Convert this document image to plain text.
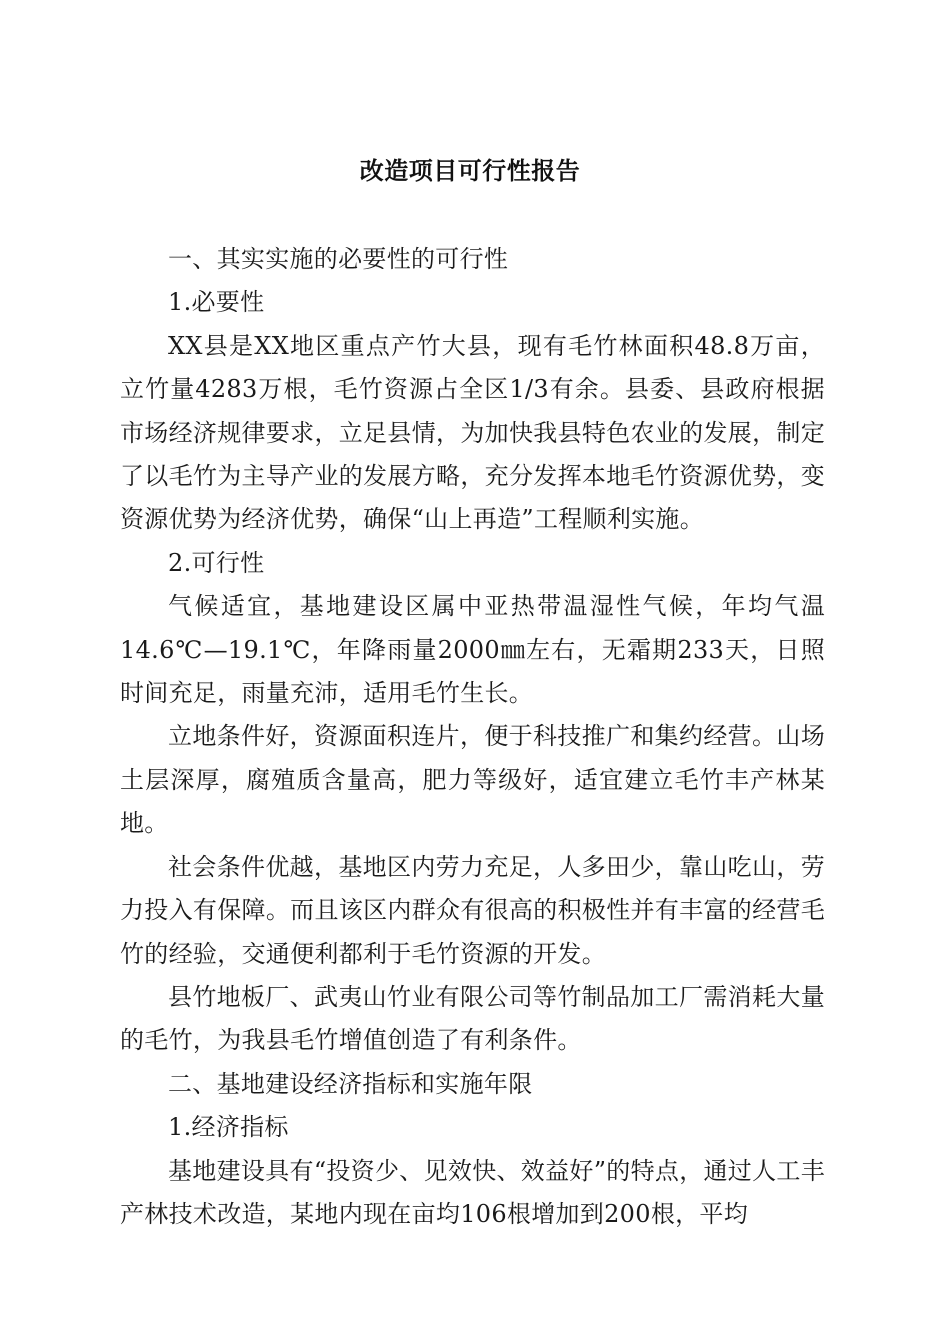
改造项目可行性报告

一、其实实施的必要性的可行性

1.必要性

XX县是XX地区重点产竹大县，现有毛竹林面积48.8万亩，立竹量4283万根，毛竹资源占全区1/3有余。县委、县政府根据市场经济规律要求，立足县情，为加快我县特色农业的发展，制定了以毛竹为主导产业的发展方略，充分发挥本地毛竹资源优势，变资源优势为经济优势，确保“山上再造”工程顺利实施。

2.可行性

气候适宜，基地建设区属中亚热带温湿性气候，年均气温14.6℃—19.1℃，年降雨量2000㎜左右，无霜期233天，日照时间充足，雨量充沛，适用毛竹生长。

立地条件好，资源面积连片，便于科技推广和集约经营。山场土层深厚，腐殖质含量高，肥力等级好，适宜建立毛竹丰产林某地。

社会条件优越，基地区内劳力充足，人多田少，靠山吃山，劳力投入有保障。而且该区内群众有很高的积极性并有丰富的经营毛竹的经验，交通便利都利于毛竹资源的开发。

县竹地板厂、武夷山竹业有限公司等竹制品加工厂需消耗大量的毛竹，为我县毛竹增值创造了有利条件。

二、基地建设经济指标和实施年限

1.经济指标

基地建设具有“投资少、见效快、效益好”的特点，通过人工丰产林技术改造，某地内现在亩均106根增加到200根，平均
